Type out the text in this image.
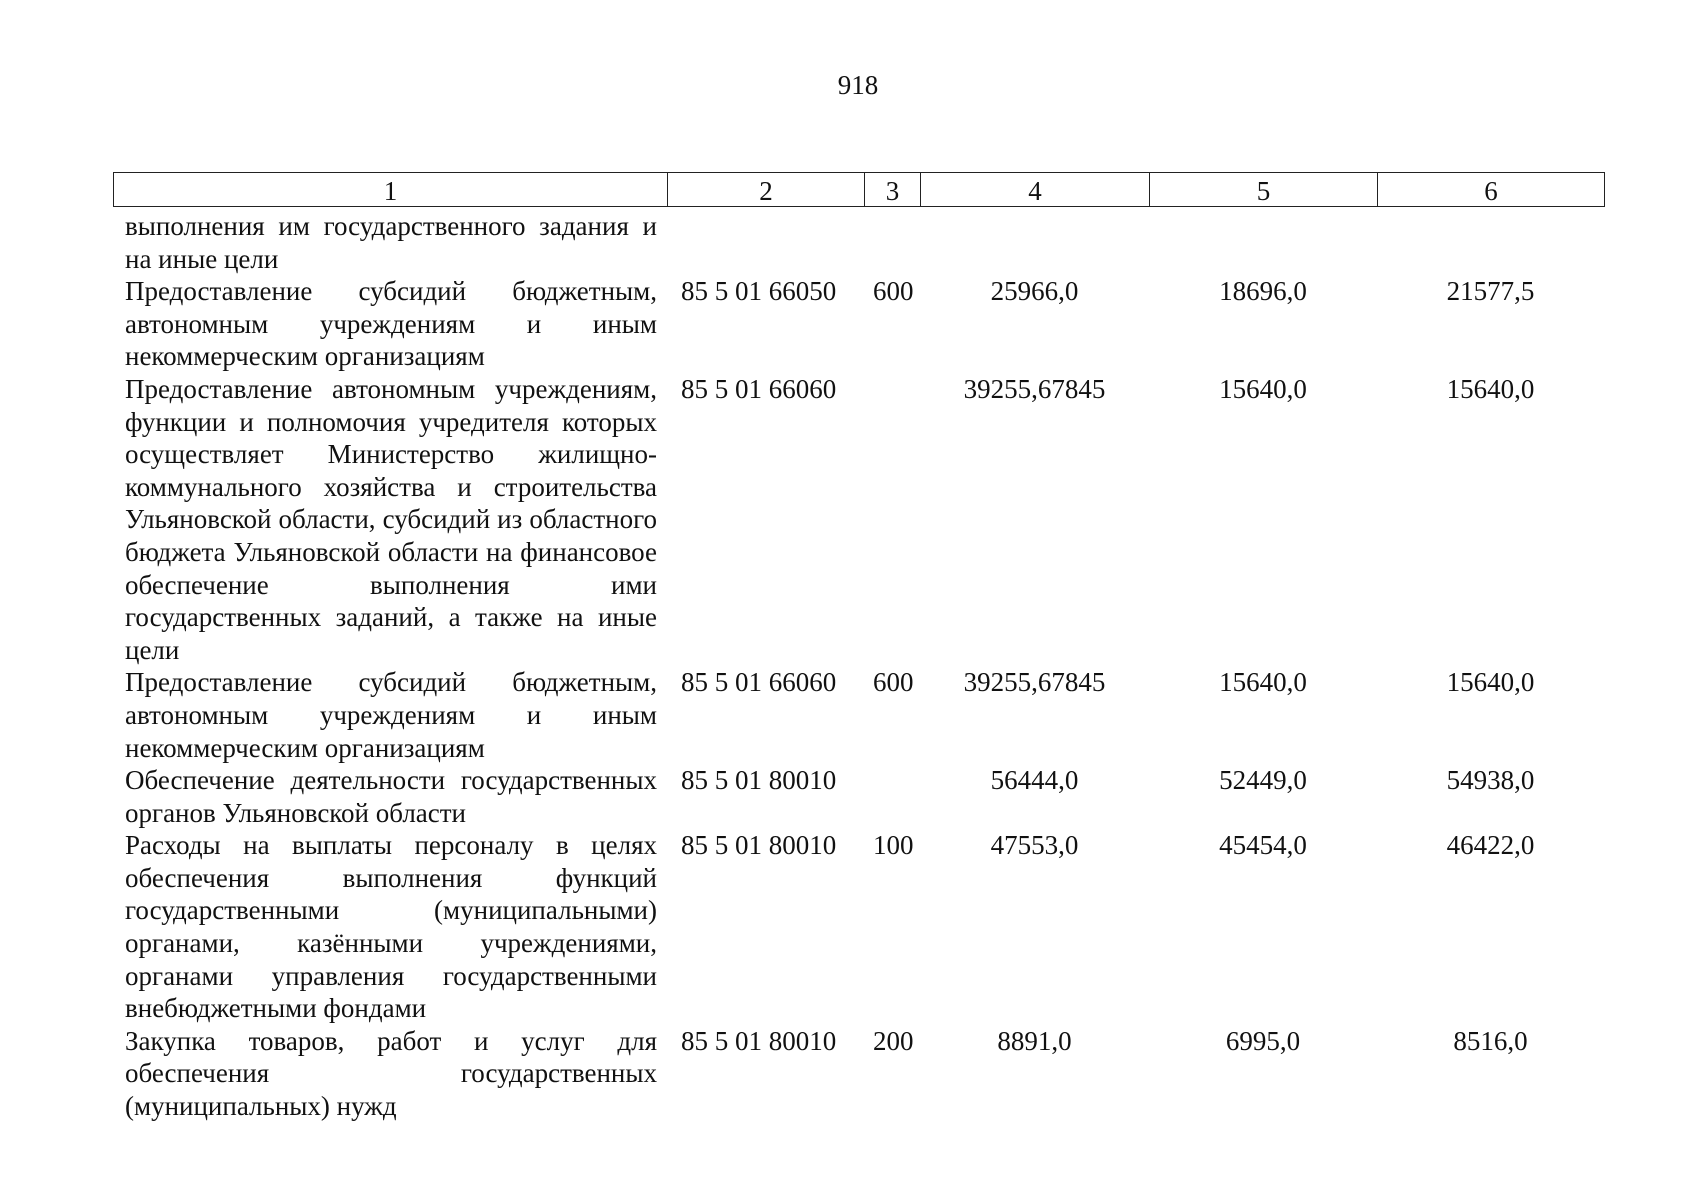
918
1	2	3	4	5	6
выполнения им государственного задания и на иные цели					
Предоставление субсидий бюджетным, автономным учреждениям и иным некоммерческим организациям	85 5 01 66050	600	25966,0	18696,0	21577,5
Предоставление автономным учреждениям, функции и полномочия учредителя которых осуществляет Министерство жилищно-коммунального хозяйства и строительства Ульяновской области, субсидий из областного бюджета Ульяновской области на финансовое обеспечение выполнения ими государственных заданий, а также на иные цели	85 5 01 66060		39255,67845	15640,0	15640,0
Предоставление субсидий бюджетным, автономным учреждениям и иным некоммерческим организациям	85 5 01 66060	600	39255,67845	15640,0	15640,0
Обеспечение деятельности государственных органов Ульяновской области	85 5 01 80010		56444,0	52449,0	54938,0
Расходы на выплаты персоналу в целях обеспечения выполнения функций государственными (муниципальными) органами, казёнными учреждениями, органами управления государственными внебюджетными фондами	85 5 01 80010	100	47553,0	45454,0	46422,0
Закупка товаров, работ и услуг для обеспечения государственных (муниципальных) нужд	85 5 01 80010	200	8891,0	6995,0	8516,0
